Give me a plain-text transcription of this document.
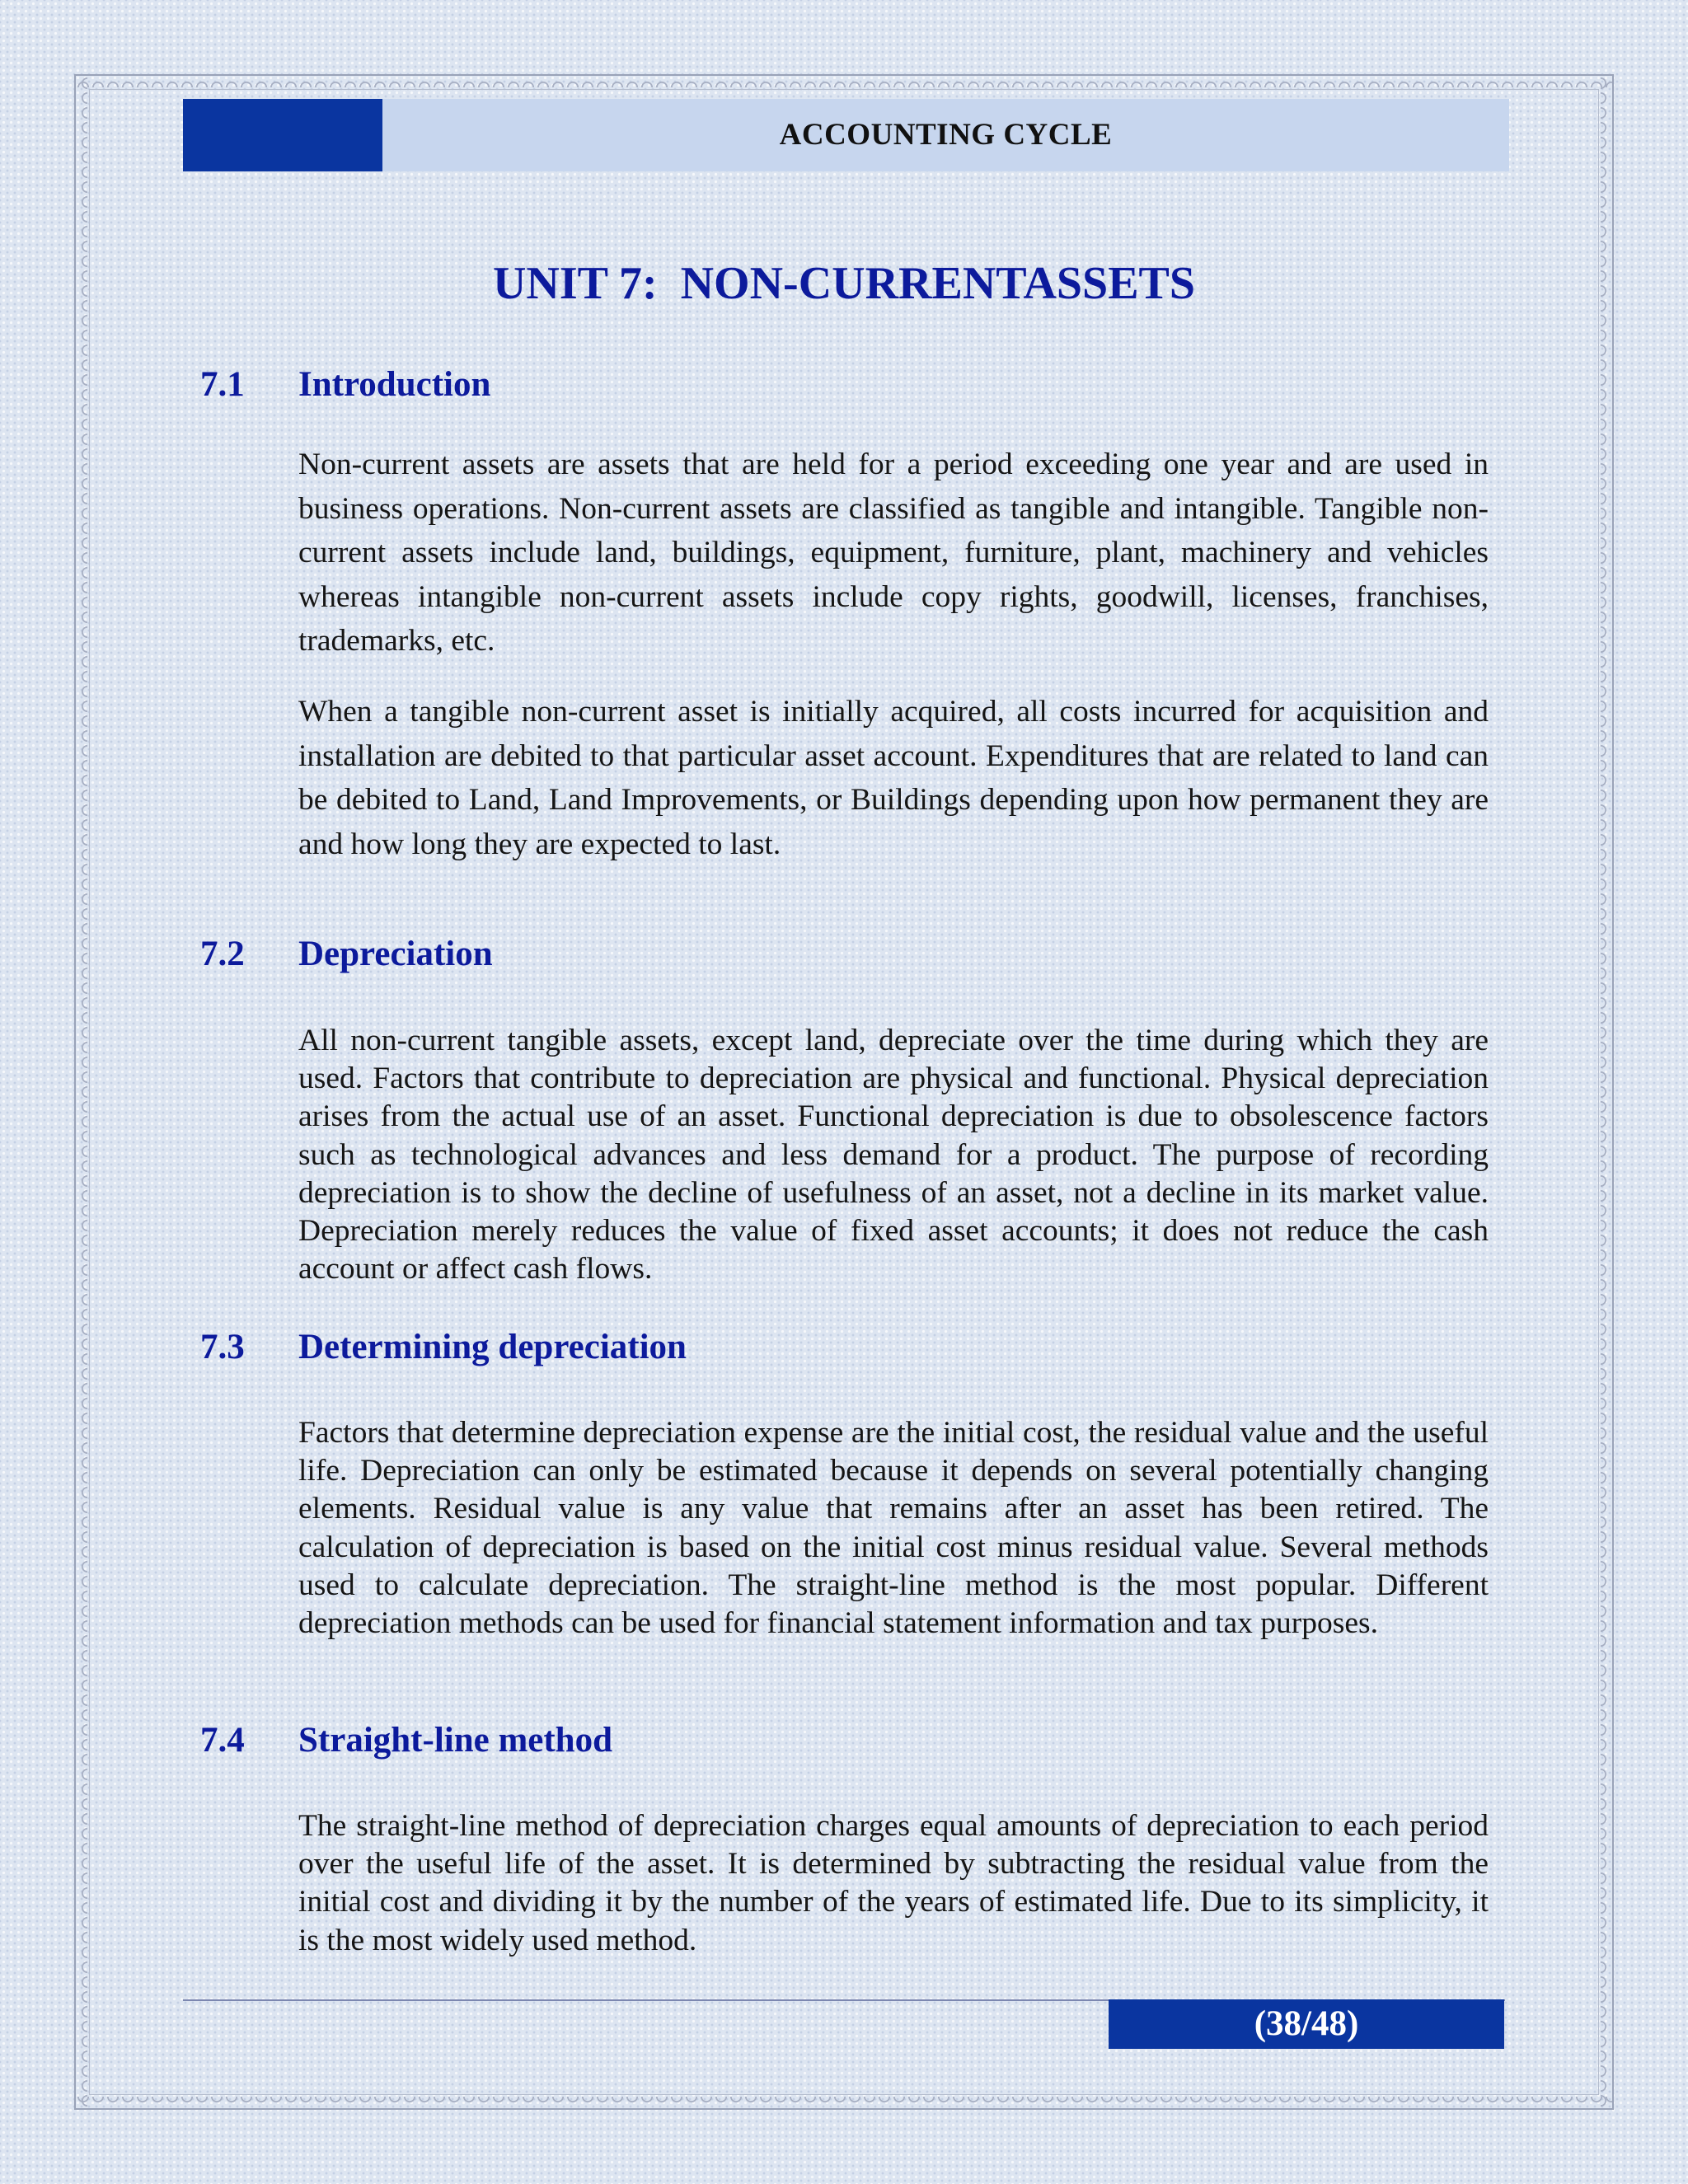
ACCOUNTING CYCLE
UNIT 7:  NON-CURRENTASSETS
7.1 Introduction

Non-current assets are assets that are held for a period exceeding one year and are used in business operations. Non-current assets are classified as tangible and intangible. Tangible non-current assets include land, buildings, equipment, furniture, plant, machinery and vehicles whereas intangible non-current assets include copy rights, goodwill, licenses, franchises, trademarks, etc.

When a tangible non-current asset is initially acquired, all costs incurred for acquisition and installation are debited to that particular asset account. Expenditures that are related to land can be debited to Land, Land Improvements, or Buildings depending upon how permanent they are and how long they are expected to last.

7.2 Depreciation

All non-current tangible assets, except land, depreciate over the time during which they are used. Factors that contribute to depreciation are physical and functional. Physical depreciation arises from the actual use of an asset. Functional depreciation is due to obsolescence factors such as technological advances and less demand for a product. The purpose of recording depreciation is to show the decline of usefulness of an asset, not a decline in its market value. Depreciation merely reduces the value of fixed asset accounts; it does not reduce the cash account or affect cash flows.

7.3 Determining depreciation

Factors that determine depreciation expense are the initial cost, the residual value and the useful life. Depreciation can only be estimated because it depends on several potentially changing elements. Residual value is any value that remains after an asset has been retired. The calculation of depreciation is based on the initial cost minus residual value. Several methods used to calculate depreciation. The straight-line method is the most popular. Different depreciation methods can be used for financial statement information and tax purposes.

7.4 Straight-line method

The straight-line method of depreciation charges equal amounts of depreciation to each period over the useful life of the asset. It is determined by subtracting the residual value from the initial cost and dividing it by the number of the years of estimated life. Due to its simplicity, it is the most widely used method.

(38/48)
